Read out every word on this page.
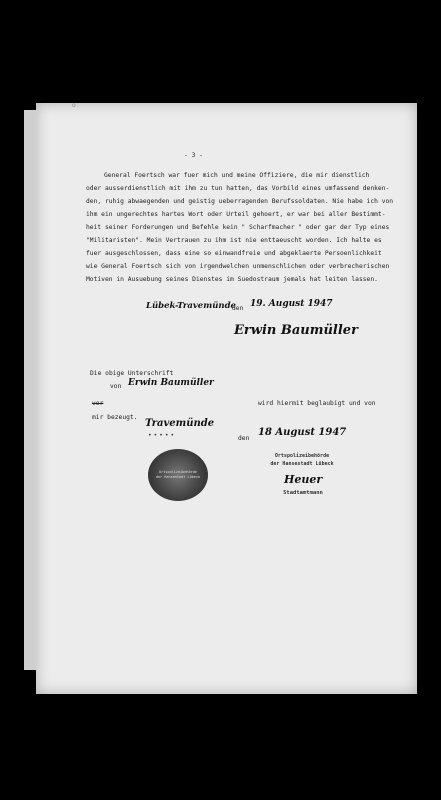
o
- 3 -
General Foertsch war fuer mich und meine Offiziere, die mir dienstlich
oder ausserdienstlich mit ihm zu tun hatten, das Vorbild eines umfassend denken-
den, ruhig abwaegenden und geistig ueberragenden Berufssoldaten. Nie habe ich von
ihm ein ungerechtes hartes Wort oder Urteil gehoert, er war bei aller Bestimmt-
heit seiner Forderungen und Befehle kein " Scharfmacher " oder gar der Typ eines
"Militaristen". Mein Vertrauen zu ihm ist nie enttaeuscht worden. Ich halte es
fuer ausgeschlossen, dass eine so einwandfreie und abgeklaerte Persoenlichkeit
wie General Foertsch sich von irgendwelchen unmenschlichen oder verbrecherischen
Motiven in Ausuebung seines Dienstes im Suedostraum jemals hat leiten lassen.
Lübek-Travemünde
den 19. August 1947
Erwin Baumüller
Die obige Unterschrift
von Erwin Baumüller
vor	wird hiermit beglaubigt und von
mir bezeugt.
Travemünde
•••••	den
18 August 1947
Ortspolizeibehörde
der Hansestadt Lübeck
Ortspolizeibehörde
der Hansestadt Lübeck
Heuer
Stadtamtmann
